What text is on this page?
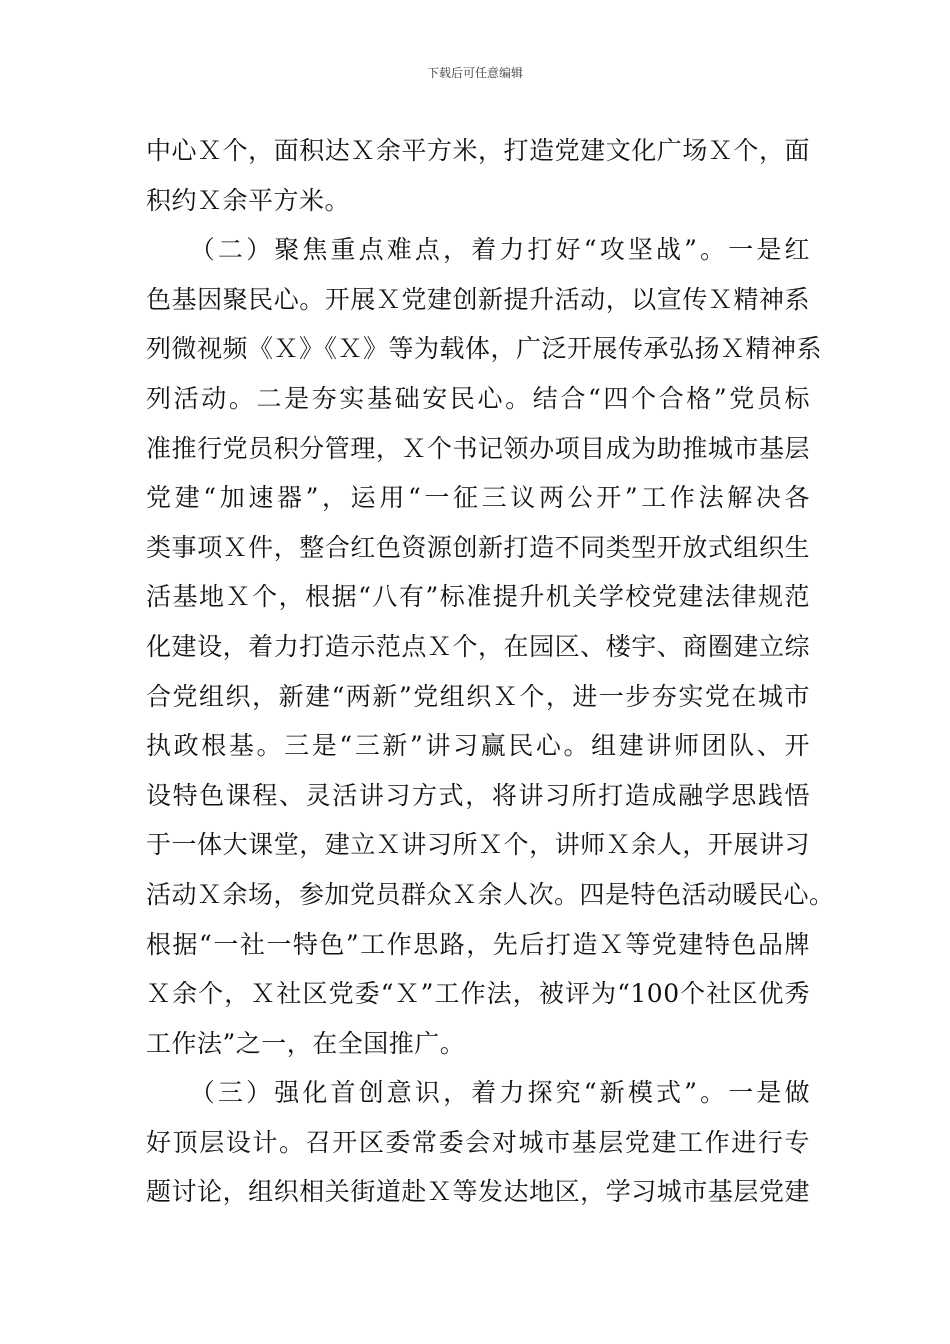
下载后可任意编辑
中心Ｘ个，面积达Ｘ余平方米，打造党建文化广场Ｘ个，面
积约Ｘ余平方米。
　　（二）聚焦重点难点，着力打好“攻坚战”。一是红
色基因聚民心。开展Ｘ党建创新提升活动，以宣传Ｘ精神系
列微视频《Ｘ》《Ｘ》等为载体，广泛开展传承弘扬Ｘ精神系
列活动。二是夯实基础安民心。结合“四个合格”党员标
准推行党员积分管理，Ｘ个书记领办项目成为助推城市基层
党建“加速器”，运用“一征三议两公开”工作法解决各
类事项Ｘ件，整合红色资源创新打造不同类型开放式组织生
活基地Ｘ个，根据“八有”标准提升机关学校党建法律规范
化建设，着力打造示范点Ｘ个，在园区、楼宇、商圈建立综
合党组织，新建“两新”党组织Ｘ个，进一步夯实党在城市
执政根基。三是“三新”讲习赢民心。组建讲师团队、开
设特色课程、灵活讲习方式，将讲习所打造成融学思践悟
于一体大课堂，建立Ｘ讲习所Ｘ个，讲师Ｘ余人，开展讲习
活动Ｘ余场，参加党员群众Ｘ余人次。四是特色活动暖民心。
根据“一社一特色”工作思路，先后打造Ｘ等党建特色品牌
Ｘ余个，Ｘ社区党委“Ｘ”工作法，被评为“100个社区优秀
工作法”之一，在全国推广。
　　（三）强化首创意识，着力探究“新模式”。一是做
好顶层设计。召开区委常委会对城市基层党建工作进行专
题讨论，组织相关街道赴Ｘ等发达地区，学习城市基层党建
